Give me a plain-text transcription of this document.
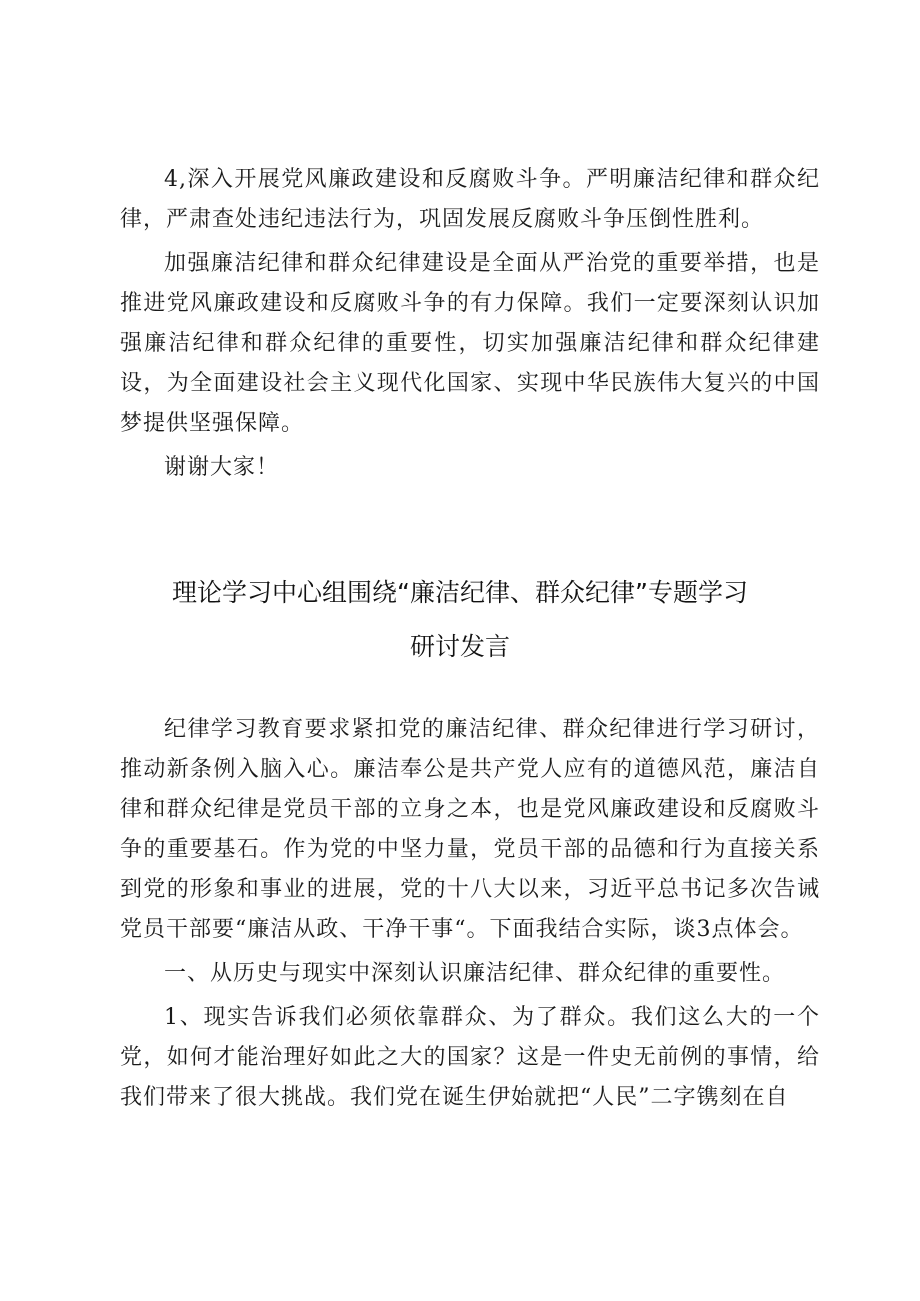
4,深入开展党风廉政建设和反腐败斗争。严明廉洁纪律和群众纪律，严肃查处违纪违法行为，巩固发展反腐败斗争压倒性胜利。

加强廉洁纪律和群众纪律建设是全面从严治党的重要举措，也是推进党风廉政建设和反腐败斗争的有力保障。我们一定要深刻认识加强廉洁纪律和群众纪律的重要性，切实加强廉洁纪律和群众纪律建设，为全面建设社会主义现代化国家、实现中华民族伟大复兴的中国梦提供坚强保障。

谢谢大家！

理论学习中心组围绕“廉洁纪律、群众纪律”专题学习
研讨发言

纪律学习教育要求紧扣党的廉洁纪律、群众纪律进行学习研讨，推动新条例入脑入心。廉洁奉公是共产党人应有的道德风范，廉洁自律和群众纪律是党员干部的立身之本，也是党风廉政建设和反腐败斗争的重要基石。作为党的中坚力量，党员干部的品德和行为直接关系到党的形象和事业的进展，党的十八大以来，习近平总书记多次告诫党员干部要“廉洁从政、干净干事“。下面我结合实际，谈3点体会。

一、从历史与现实中深刻认识廉洁纪律、群众纪律的重要性。

1、现实告诉我们必须依靠群众、为了群众。我们这么大的一个党，如何才能治理好如此之大的国家？这是一件史无前例的事情，给我们带来了很大挑战。我们党在诞生伊始就把“人民”二字镌刻在自
